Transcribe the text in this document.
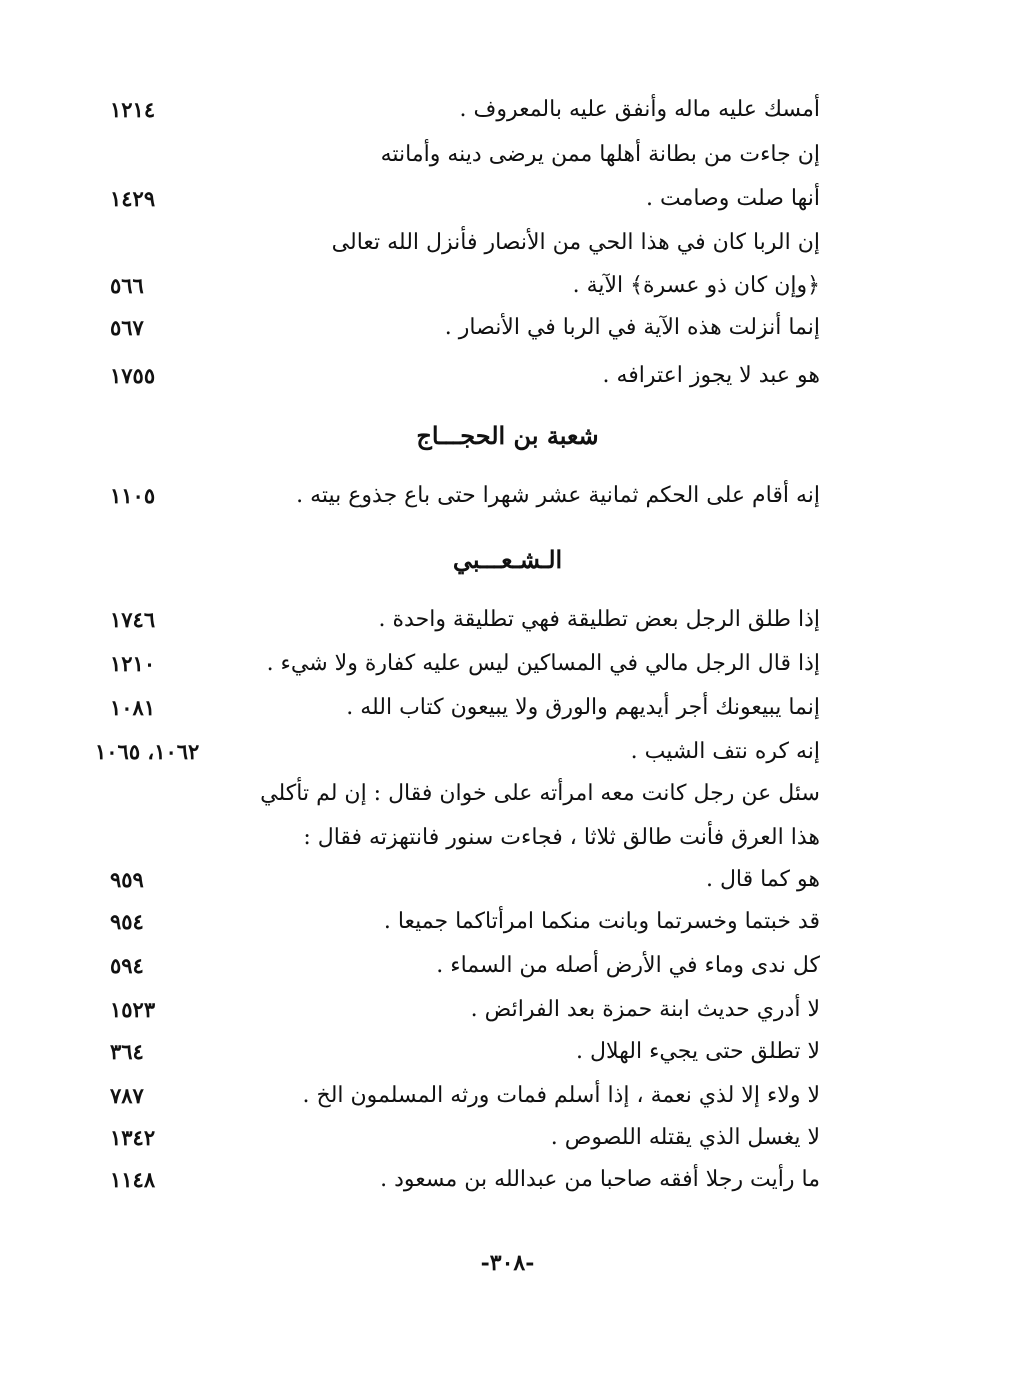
أمسك عليه ماله وأنفق عليه بالمعروف .
١٢١٤
إن جاءت من بطانة أهلها ممن يرضى دينه وأمانته
أنها صلت وصامت .
١٤٢٩
إن الربا كان في هذا الحي من الأنصار فأنزل الله تعالى
﴿وإن كان ذو عسرة﴾ الآية .
٥٦٦
إنما أنزلت هذه الآية في الربا في الأنصار .
٥٦٧
هو عبد لا يجوز اعترافه .
١٧٥٥
شعبة بن الحجـــاج
إنه أقام على الحكم ثمانية عشر شهرا حتى باع جذوع بيته .
١١٠٥
الـشـعـــبي
إذا طلق الرجل بعض تطليقة فهي تطليقة واحدة .
١٧٤٦
إذا قال الرجل مالي في المساكين ليس عليه كفارة ولا شيء .
١٢١٠
إنما يبيعونك أجر أيديهم والورق ولا يبيعون كتاب الله .
١٠٨١
إنه كره نتف الشيب .
١٠٦٢، ١٠٦٥
سئل عن رجل كانت معه امرأته على خوان فقال : إن لم تأكلي
هذا العرق فأنت طالق ثلاثا ، فجاءت سنور فانتهزته فقال :
هو كما قال .
٩٥٩
قد خبتما وخسرتما وبانت منكما امرأتاكما جميعا .
٩٥٤
كل ندى وماء في الأرض أصله من السماء .
٥٩٤
لا أدري حديث ابنة حمزة بعد الفرائض .
١٥٢٣
لا تطلق حتى يجيء الهلال .
٣٦٤
لا ولاء إلا لذي نعمة ، إذا أسلم فمات ورثه المسلمون الخ .
٧٨٧
لا يغسل الذي يقتله اللصوص .
١٣٤٢
ما رأيت رجلا أفقه صاحبا من عبدالله بن مسعود .
١١٤٨
-٣٠٨-
